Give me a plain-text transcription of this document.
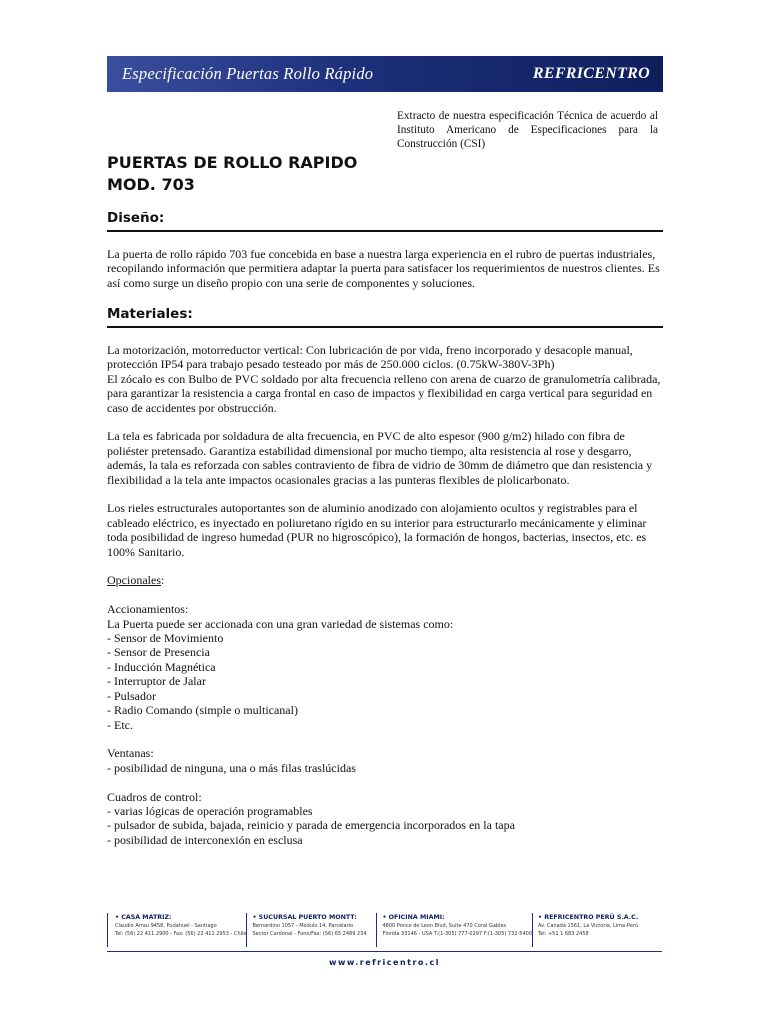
Especificación Puertas Rollo Rápido	REFRICENTRO
Extracto de nuestra especificación Técnica de acuerdo al Instituto Americano de Especificaciones para la Construcción (CSI)
PUERTAS DE ROLLO RAPIDO
MOD. 703
Diseño:

La puerta de rollo rápido 703 fue concebida en base a nuestra larga experiencia en el rubro de puertas industriales, recopilando información que permitiera adaptar la puerta para satisfacer los requerimientos de nuestros clientes. Es así como surge un diseño propio con una serie de componentes y soluciones.

Materiales:
La motorización, motorreductor vertical: Con lubricación de por vida, freno incorporado y desacople manual, protección IP54 para trabajo pesado testeado por más de 250.000 ciclos. (0.75kW-380V-3Ph)
El zócalo es con Bulbo de PVC soldado por alta frecuencia relleno con arena de cuarzo de granulometría calibrada, para garantizar la resistencia a carga frontal en caso de impactos y flexibilidad en carga vertical para seguridad en caso de accidentes por obstrucción.

La tela es fabricada por soldadura de alta frecuencia, en PVC de alto espesor (900 g/m2) hilado con fibra de poliéster pretensado. Garantiza estabilidad dimensional por mucho tiempo, alta resistencia al rose y desgarro, además, la tala es reforzada con sables contraviento de fibra de vidrio de 30mm de diámetro que dan resistencia y flexibilidad a la tela ante impactos ocasionales gracias a las punteras flexibles de plolicarbonato.

Los rieles estructurales autoportantes son de aluminio anodizado con alojamiento ocultos y registrables para el cableado eléctrico, es inyectado en poliuretano rígido en su interior para estructurarlo mecánicamente y eliminar toda posibilidad de ingreso humedad (PUR no higroscópico), la formación de hongos, bacterias, insectos, etc. es 100% Sanitario.

Opcionales:

Accionamientos:
La Puerta puede ser accionada con una gran variedad de sistemas como:
- Sensor de Movimiento
- Sensor de Presencia
- Inducción Magnética
- Interruptor de Jalar
- Pulsador
- Radio Comando (simple o multicanal)
- Etc.
Ventanas:
- posibilidad de ninguna, una o más filas traslúcidas
Cuadros de control:
- varias lógicas de operación programables
- pulsador de subida, bajada, reinicio y parada de emergencia incorporados en la tapa
- posibilidad de interconexión en esclusa
• CASA MATRIZ:
Claudio Arrau 9458, Pudahuel - Santiago
Tel: (56) 22 411 2900 - Fax: (56) 22 411 2953 - Chile
• SUCURSAL PUERTO MONTT:
Bernardino 1057 - Módulo 14, Parcelario
Sector Cardonal - Fono/Fax: (56) 65 2489 234
• OFICINA MIAMI:
4800 Ponce de Leon Blvd, Suite 470 Coral Gables
Florida 33146 - USA T:(1-305) 777-0297 F:(1-305) 732-5400
• REFRICENTRO PERÚ S.A.C.
Av. Canadá 1561, La Victoria, Lima-Perú
Tel: +51 1 683 2458
www.refricentro.cl
